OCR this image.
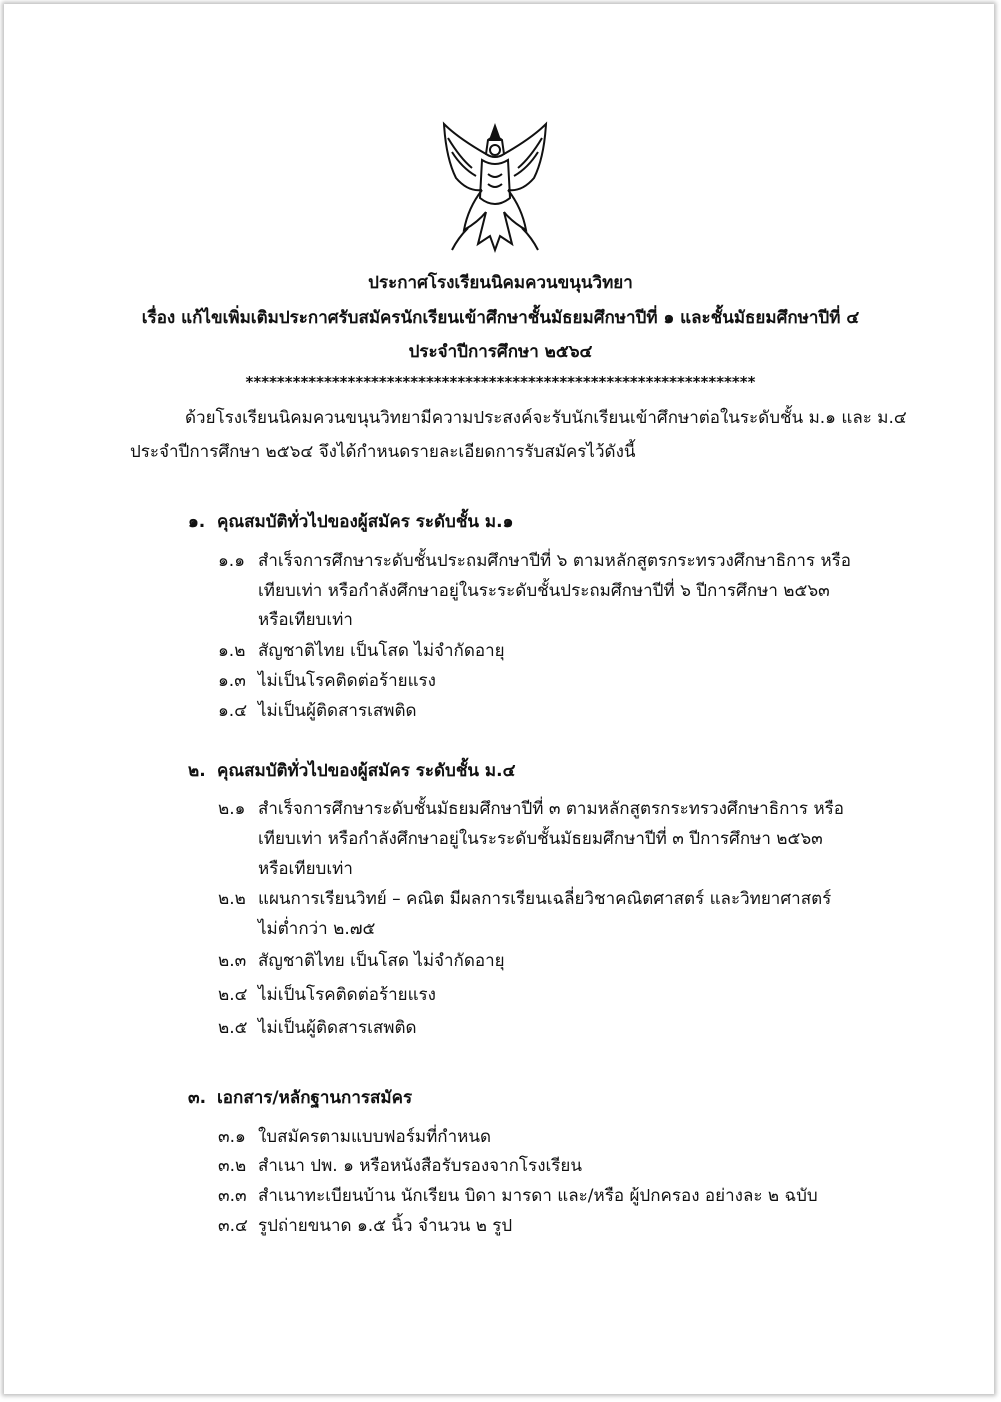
ประกาศโรงเรียนนิคมควนขนุนวิทยา
เรื่อง แก้ไขเพิ่มเติมประกาศรับสมัครนักเรียนเข้าศึกษาชั้นมัธยมศึกษาปีที่ ๑ และชั้นมัธยมศึกษาปีที่ ๔
ประจำปีการศึกษา ๒๕๖๔
*****************************************************************
ด้วยโรงเรียนนิคมควนขนุนวิทยามีความประสงค์จะรับนักเรียนเข้าศึกษาต่อในระดับชั้น ม.๑ และ ม.๔
ประจำปีการศึกษา ๒๕๖๔ จึงได้กำหนดรายละเอียดการรับสมัครไว้ดังนี้
๑. คุณสมบัติทั่วไปของผู้สมัคร ระดับชั้น ม.๑
๑.๑ สำเร็จการศึกษาระดับชั้นประถมศึกษาปีที่ ๖ ตามหลักสูตรกระทรวงศึกษาธิการ หรือ
เทียบเท่า หรือกำลังศึกษาอยู่ในระระดับชั้นประถมศึกษาปีที่ ๖ ปีการศึกษา ๒๕๖๓
หรือเทียบเท่า
๑.๒ สัญชาติไทย เป็นโสด ไม่จำกัดอายุ
๑.๓ ไม่เป็นโรคติดต่อร้ายแรง
๑.๔ ไม่เป็นผู้ติดสารเสพติด
๒. คุณสมบัติทั่วไปของผู้สมัคร ระดับชั้น ม.๔
๒.๑ สำเร็จการศึกษาระดับชั้นมัธยมศึกษาปีที่ ๓ ตามหลักสูตรกระทรวงศึกษาธิการ หรือ
เทียบเท่า หรือกำลังศึกษาอยู่ในระระดับชั้นมัธยมศึกษาปีที่ ๓ ปีการศึกษา ๒๕๖๓
หรือเทียบเท่า
๒.๒ แผนการเรียนวิทย์ – คณิต มีผลการเรียนเฉลี่ยวิชาคณิตศาสตร์ และวิทยาศาสตร์
ไม่ต่ำกว่า ๒.๗๕
๒.๓ สัญชาติไทย เป็นโสด ไม่จำกัดอายุ
๒.๔ ไม่เป็นโรคติดต่อร้ายแรง
๒.๕ ไม่เป็นผู้ติดสารเสพติด
๓. เอกสาร/หลักฐานการสมัคร
๓.๑ ใบสมัครตามแบบฟอร์มที่กำหนด
๓.๒ สำเนา ปพ. ๑ หรือหนังสือรับรองจากโรงเรียน
๓.๓ สำเนาทะเบียนบ้าน นักเรียน บิดา มารดา และ/หรือ ผู้ปกครอง อย่างละ ๒ ฉบับ
๓.๔ รูปถ่ายขนาด ๑.๕ นิ้ว จำนวน ๒ รูป
